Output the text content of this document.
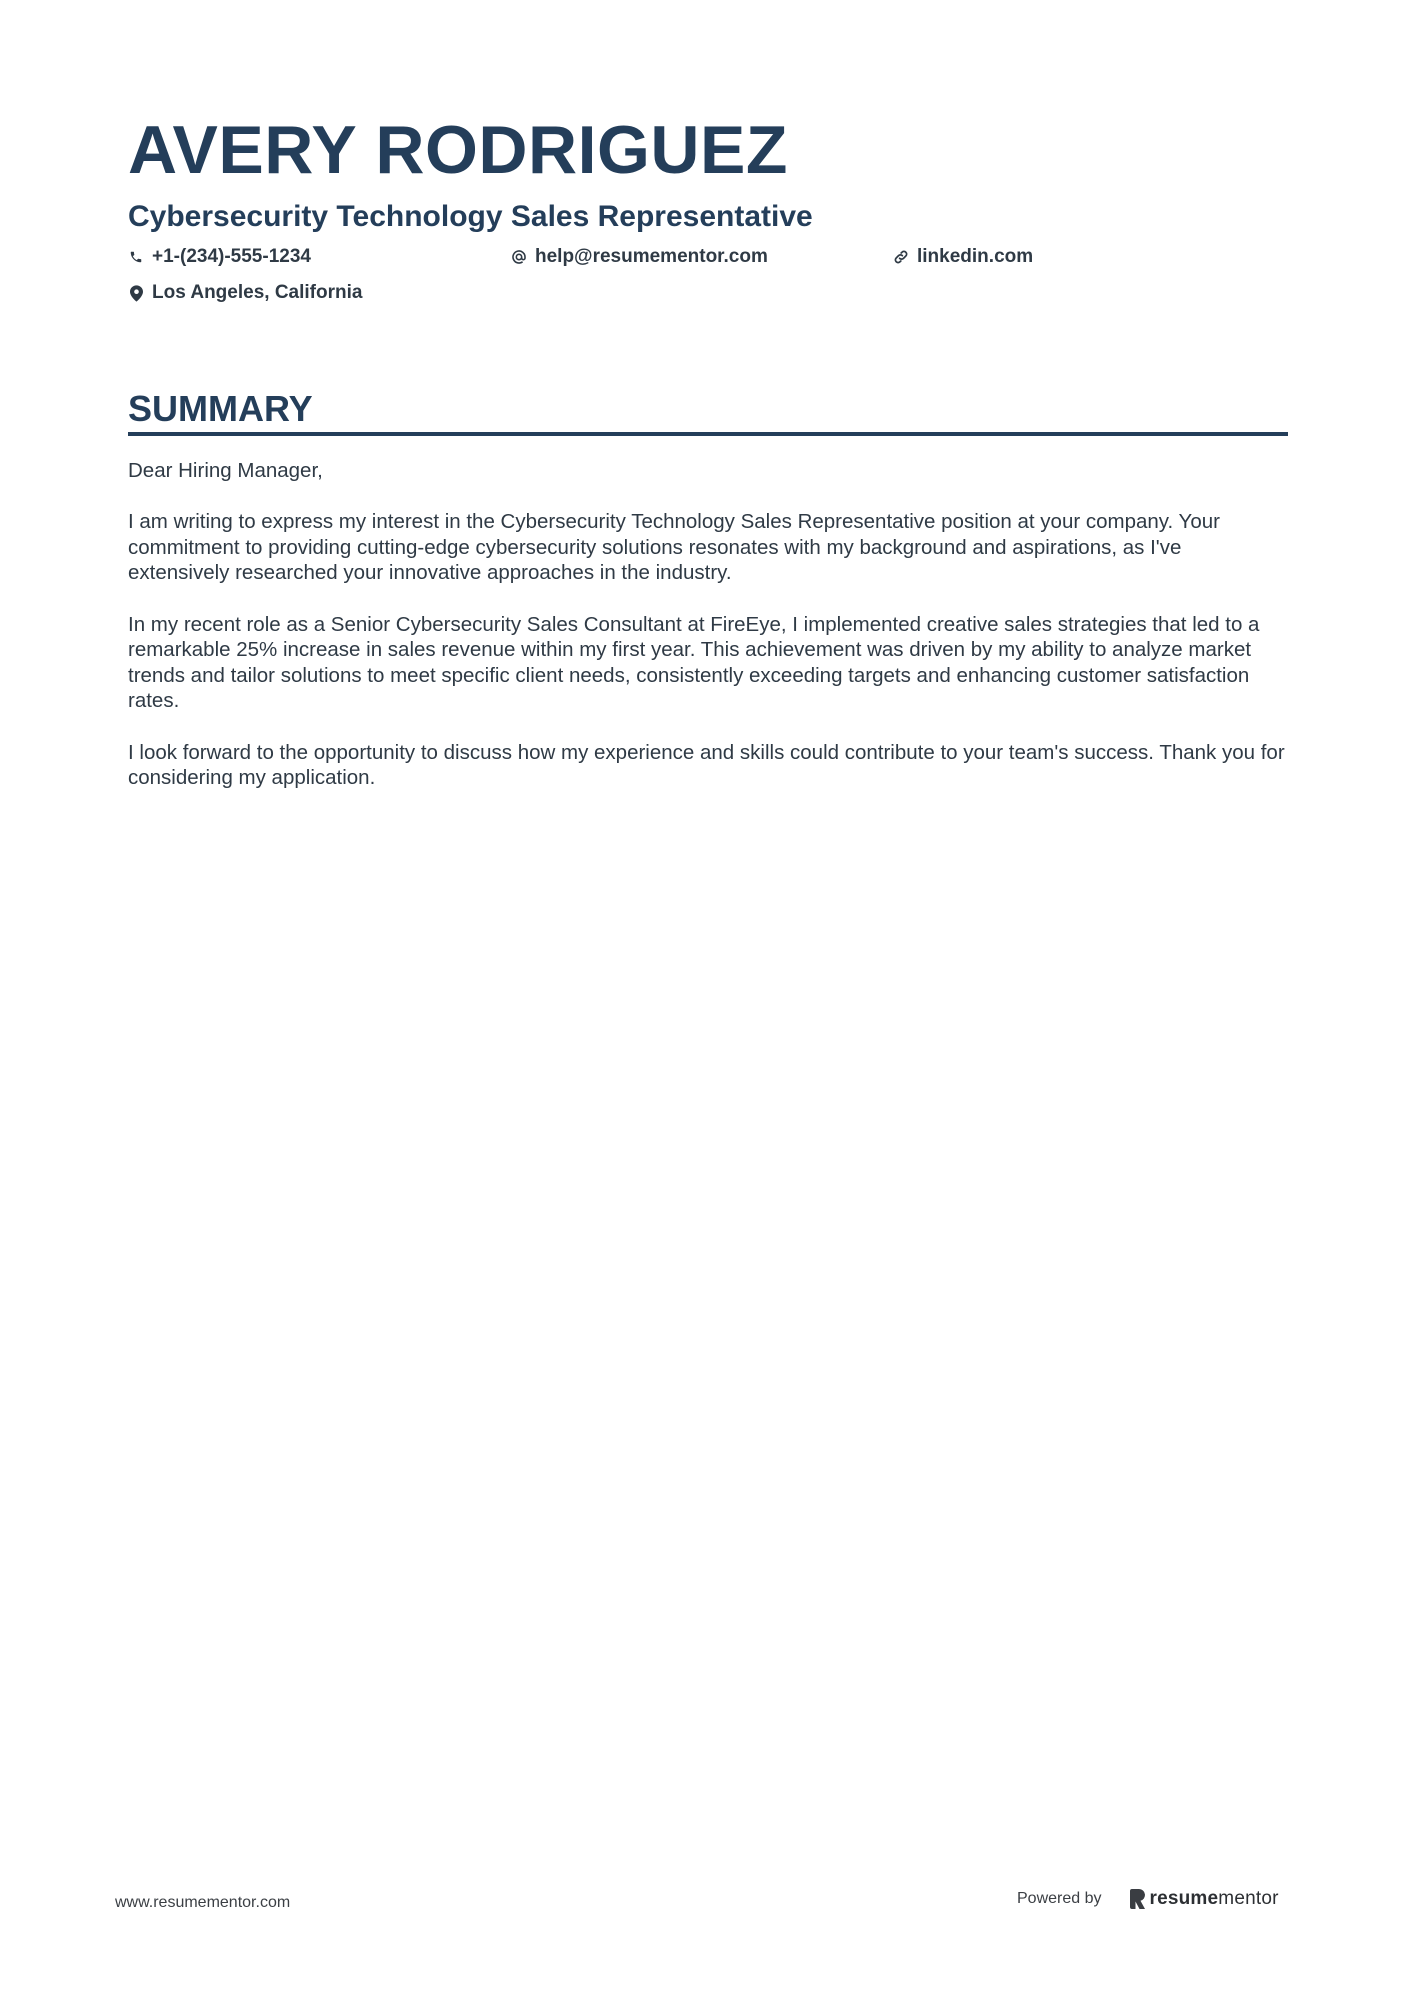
AVERY RODRIGUEZ
Cybersecurity Technology Sales Representative
+1-(234)-555-1234	help@resumementor.com	linkedin.com
Los Angeles, California
SUMMARY

Dear Hiring Manager,

I am writing to express my interest in the Cybersecurity Technology Sales Representative position at your company. Your commitment to providing cutting-edge cybersecurity solutions resonates with my background and aspirations, as I've extensively researched your innovative approaches in the industry.

In my recent role as a Senior Cybersecurity Sales Consultant at FireEye, I implemented creative sales strategies that led to a remarkable 25% increase in sales revenue within my first year. This achievement was driven by my ability to analyze market trends and tailor solutions to meet specific client needs, consistently exceeding targets and enhancing customer satisfaction rates.

I look forward to the opportunity to discuss how my experience and skills could contribute to your team's success. Thank you for considering my application.

www.resumementor.com	Powered by	resume mentor
